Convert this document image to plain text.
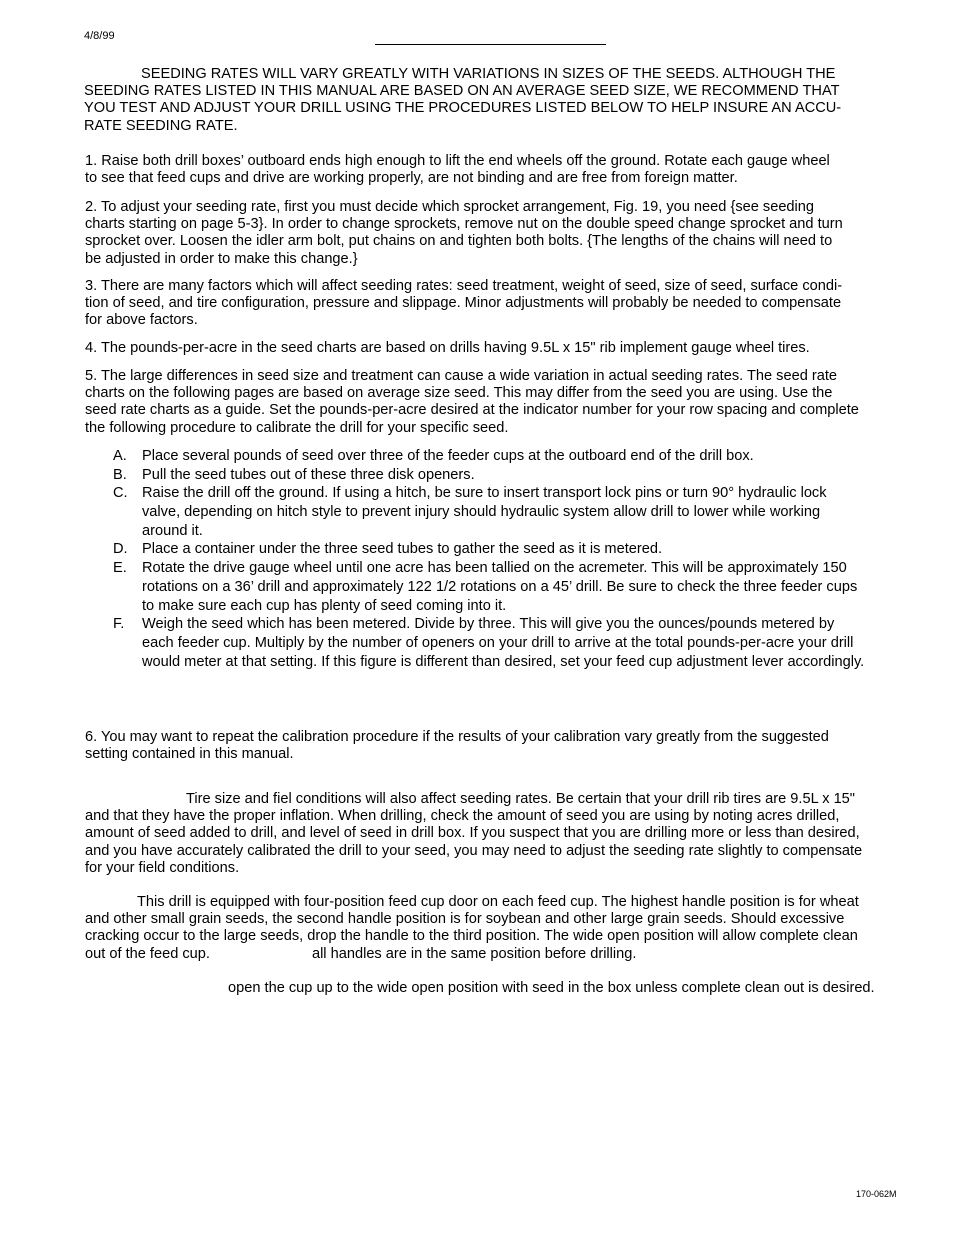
4/8/99
SEEDING RATES WILL VARY GREATLY WITH VARIATIONS IN SIZES OF THE SEEDS. ALTHOUGH THE
SEEDING RATES LISTED IN THIS MANUAL ARE BASED ON AN AVERAGE SEED SIZE, WE RECOMMEND THAT
YOU TEST AND ADJUST YOUR DRILL USING THE PROCEDURES LISTED BELOW TO HELP INSURE AN ACCU-
RATE SEEDING RATE.
1. Raise both drill boxes’ outboard ends high enough to lift the end wheels off the ground. Rotate each gauge wheel
to see that feed cups and drive are working properly, are not binding and are free from foreign matter.
2. To adjust your seeding rate, first you must decide which sprocket arrangement, Fig. 19, you need {see seeding
charts starting on page 5-3}. In order to change sprockets, remove nut on the double speed change sprocket and turn
sprocket over. Loosen the idler arm bolt, put chains on and tighten both bolts. {The lengths of the chains will need to
be adjusted in order to make this change.}
3. There are many factors which will affect seeding rates: seed treatment, weight of seed, size of seed, surface condi-
tion of seed, and tire configuration, pressure and slippage. Minor adjustments will probably be needed to compensate
for above factors.
4. The pounds-per-acre in the seed charts are based on drills having 9.5L x 15" rib implement gauge wheel tires.
5. The large differences in seed size and treatment can cause a wide variation in actual seeding rates. The seed rate
charts on the following pages are based on average size seed. This may differ from the seed you are using. Use the
seed rate charts as a guide. Set the pounds-per-acre desired at the indicator number for your row spacing and complete
the following procedure to calibrate the drill for your specific seed.
A. Place several pounds of seed over three of the feeder cups at the outboard end of the drill box.
B. Pull the seed tubes out of these three disk openers.
C. Raise the drill off the ground. If using a hitch, be sure to insert transport lock pins or turn 90° hydraulic lock
valve, depending on hitch style to prevent injury should hydraulic system allow drill to lower while working
around it.
D. Place a container under the three seed tubes to gather the seed as it is metered.
E. Rotate the drive gauge wheel until one acre has been tallied on the acremeter. This will be approximately 150
rotations on a 36’ drill and approximately 122 1/2 rotations on a 45’ drill. Be sure to check the three feeder cups
to make sure each cup has plenty of seed coming into it.
F. Weigh the seed which has been metered. Divide by three. This will give you the ounces/pounds metered by
each feeder cup. Multiply by the number of openers on your drill to arrive at the total pounds-per-acre your drill
would meter at that setting. If this figure is different than desired, set your feed cup adjustment lever accordingly.
6. You may want to repeat the calibration procedure if the results of your calibration vary greatly from the suggested
setting contained in this manual.
Tire size and fiel conditions will also affect seeding rates. Be certain that your drill rib tires are 9.5L x 15"
and that they have the proper inflation. When drilling, check the amount of seed you are using by noting acres drilled,
amount of seed added to drill, and level of seed in drill box. If you suspect that you are drilling more or less than desired,
and you have accurately calibrated the drill to your seed, you may need to adjust the seeding rate slightly to compensate
for your field conditions.
This drill is equipped with four-position feed cup door on each feed cup. The highest handle position is for wheat
and other small grain seeds, the second handle position is for soybean and other large grain seeds. Should excessive
cracking occur to the large seeds, drop the handle to the third position. The wide open position will allow complete clean
out of the feed cup.	all handles are in the same position before drilling.
open the cup up to the wide open position with seed in the box unless complete clean out is desired.
170-062M
